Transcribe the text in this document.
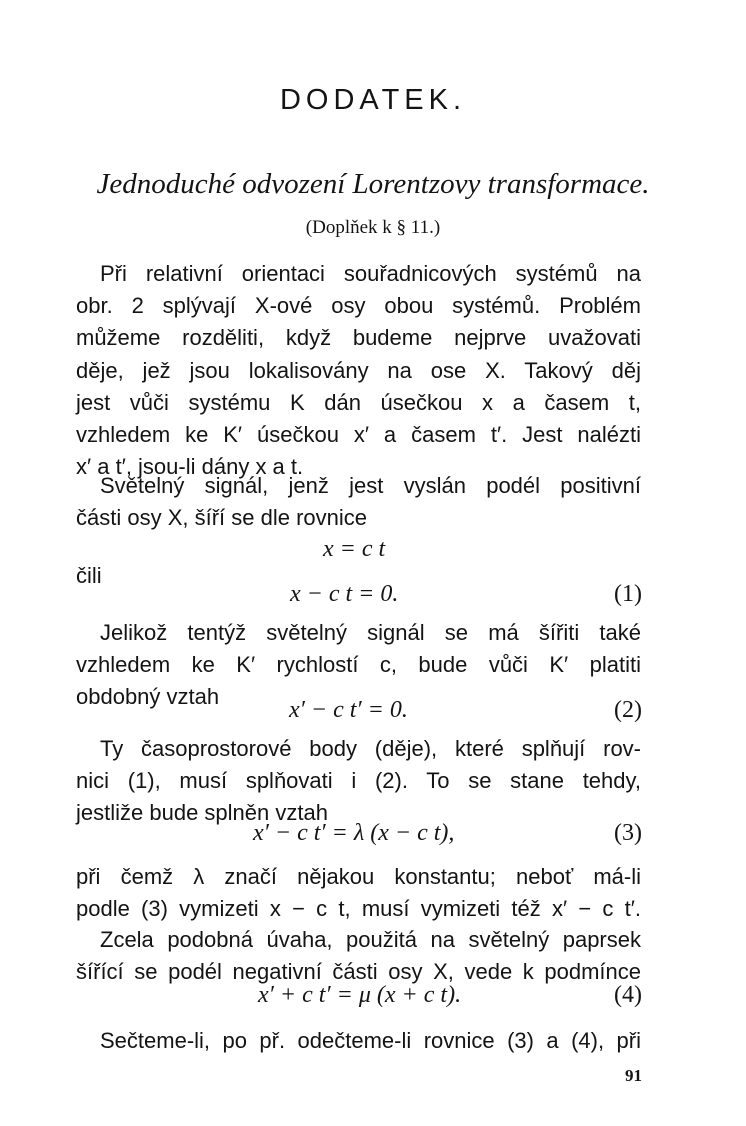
DODATEK.
Jednoduché odvození Lorentzovy transformace.
(Doplňek k § 11.)
Při relativní orientaci souřadnicových systémů na
obr. 2 splývají X-ové osy obou systémů. Problém
můžeme rozděliti, když budeme nejprve uvažovati
děje, jež jsou lokalisovány na ose X. Takový děj
jest vůči systému K dán úsečkou x a časem t,
vzhledem ke K′ úsečkou x′ a časem t′. Jest nalézti
x′ a t′, jsou-li dány x a t.
Světelný signál, jenž jest vyslán podél positivní
části osy X, šíří se dle rovnice
x = c t
čili
x − c t = 0.	(1)
Jelikož tentýž světelný signál se má šířiti také
vzhledem ke K′ rychlostí c, bude vůči K′ platiti
obdobný vztah
x′ − c t′ = 0.	(2)
Ty časoprostorové body (děje), které splňují rov-
nici (1), musí splňovati i (2). To se stane tehdy,
jestliže bude splněn vztah
x′ − c t′ = λ (x − c t),	(3)
při čemž λ značí nějakou konstantu; neboť má-li
podle (3) vymizeti x − c t, musí vymizeti též x′ − c t′.
Zcela podobná úvaha, použitá na světelný paprsek
šířící se podél negativní části osy X, vede k podmínce
x′ + c t′ = μ (x + c t).	(4)
Sečteme-li, po př. odečteme-li rovnice (3) a (4), při
91
